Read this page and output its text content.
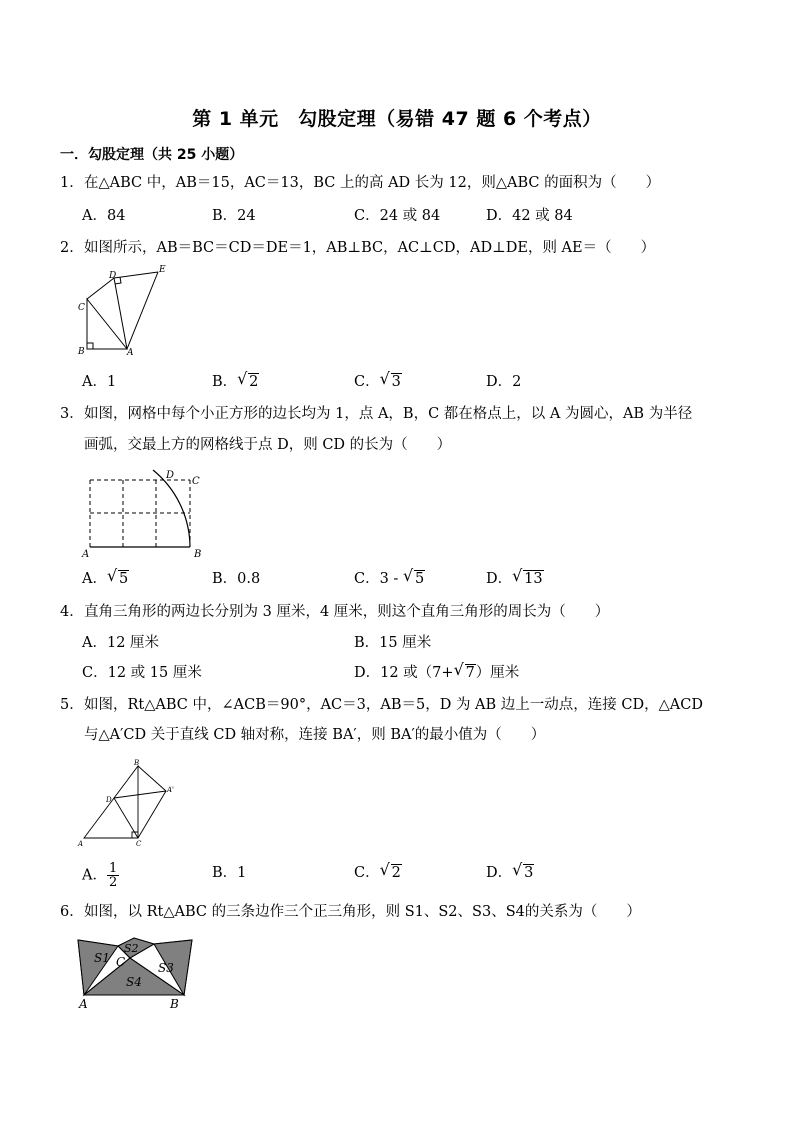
第 1 单元　勾股定理（易错 47 题 6 个考点）
一．勾股定理（共 25 小题）
1．在△ABC 中，AB＝15，AC＝13，BC 上的高 AD 长为 12，则△ABC 的面积为（　　）
A．84	B．24	C．24 或 84	D．42 或 84
2．如图所示，AB＝BC＝CD＝DE＝1，AB⊥BC，AC⊥CD，AD⊥DE，则 AE＝（　　）
D
E
C
B	A
A．1	B． √ 2	C． √ 3	D．2
3．如图，网格中每个小正方形的边长均为 1，点 A，B，C 都在格点上，以 A 为圆心，AB 为半径
画弧，交最上方的网格线于点 D，则 CD 的长为（　　）
D
C
A	B
A． √ 5	B．0.8	C．3 - √ 5	D． √ 13
4．直角三角形的两边长分别为 3 厘米，4 厘米，则这个直角三角形的周长为（　　）
A．12 厘米	B．15 厘米
C．12 或 15 厘米	D．12 或（7+ √ 7）厘米
5．如图，Rt△ABC 中，∠ACB＝90°，AC＝3，AB＝5，D 为 AB 边上一动点，连接 CD，△ACD
与△A′CD 关于直线 CD 轴对称，连接 BA′，则 BA′的最小值为（　　）
B
A'
D
A	C
A． $\frac{1}{2}$	B．1	C． √ 2	D． √ 3
6．如图，以 Rt△ABC 的三条边作三个正三角形，则 S1、S2、S3、S4的关系为（　　）
S1
S2
S3
S4
C
A	B
